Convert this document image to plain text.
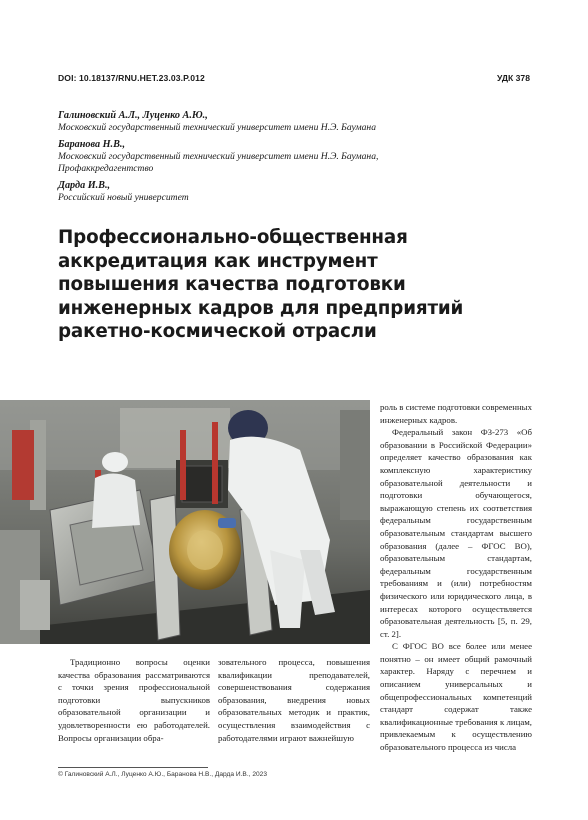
DOI: 10.18137/RNU.HET.23.03.P.012	УДК 378
Галиновский А.Л., Луценко А.Ю.,
Московский государственный технический университет имени Н.Э. Баумана
Баранова Н.В.,
Московский государственный технический университет имени Н.Э. Баумана,
Профаккредагентство
Дарда И.В.,
Российский новый университет
Профессионально-общественная
аккредитация как инструмент
повышения качества подготовки
инженерных кадров для предприятий
ракетно-космической отрасли

роль в системе подготовки современных инженерных кадров.

Федеральный закон ФЗ-273 «Об образовании в Российской Федерации» определяет качество образования как комплексную характеристику образовательной деятельности и подготовки обучающегося, выражающую степень их соответствия федеральным государственным образовательным стандартам высшего образования (далее – ФГОС ВО), образовательным стандартам, федеральным государственным требованиям и (или) потребностям физического или юридического лица, в интересах которого осуществляется образовательная деятельность [5, п. 29, ст. 2].

С ФГОС ВО все более или менее понятно – он имеет общий рамочный характер. Наряду с перечнем и описанием универсальных и общепрофессиональных компетенций стандарт содержат также квалификационные требования к лицам, привлекаемым к осуществлению образовательного процесса из числа

Традиционно вопросы оценки качества образования рассматриваются с точки зрения профессиональной подготовки выпускников образовательной организации и удовлетворенности ею работодателей. Вопросы организации обра-

зовательного процесса, повышения квалификации преподавателей, совершенствования содержания образования, внедрения новых образовательных методик и практик, осуществления взаимодействия с работодателями играют важнейшую

© Галиновский А.Л., Луценко А.Ю., Баранова Н.В., Дарда И.В., 2023
